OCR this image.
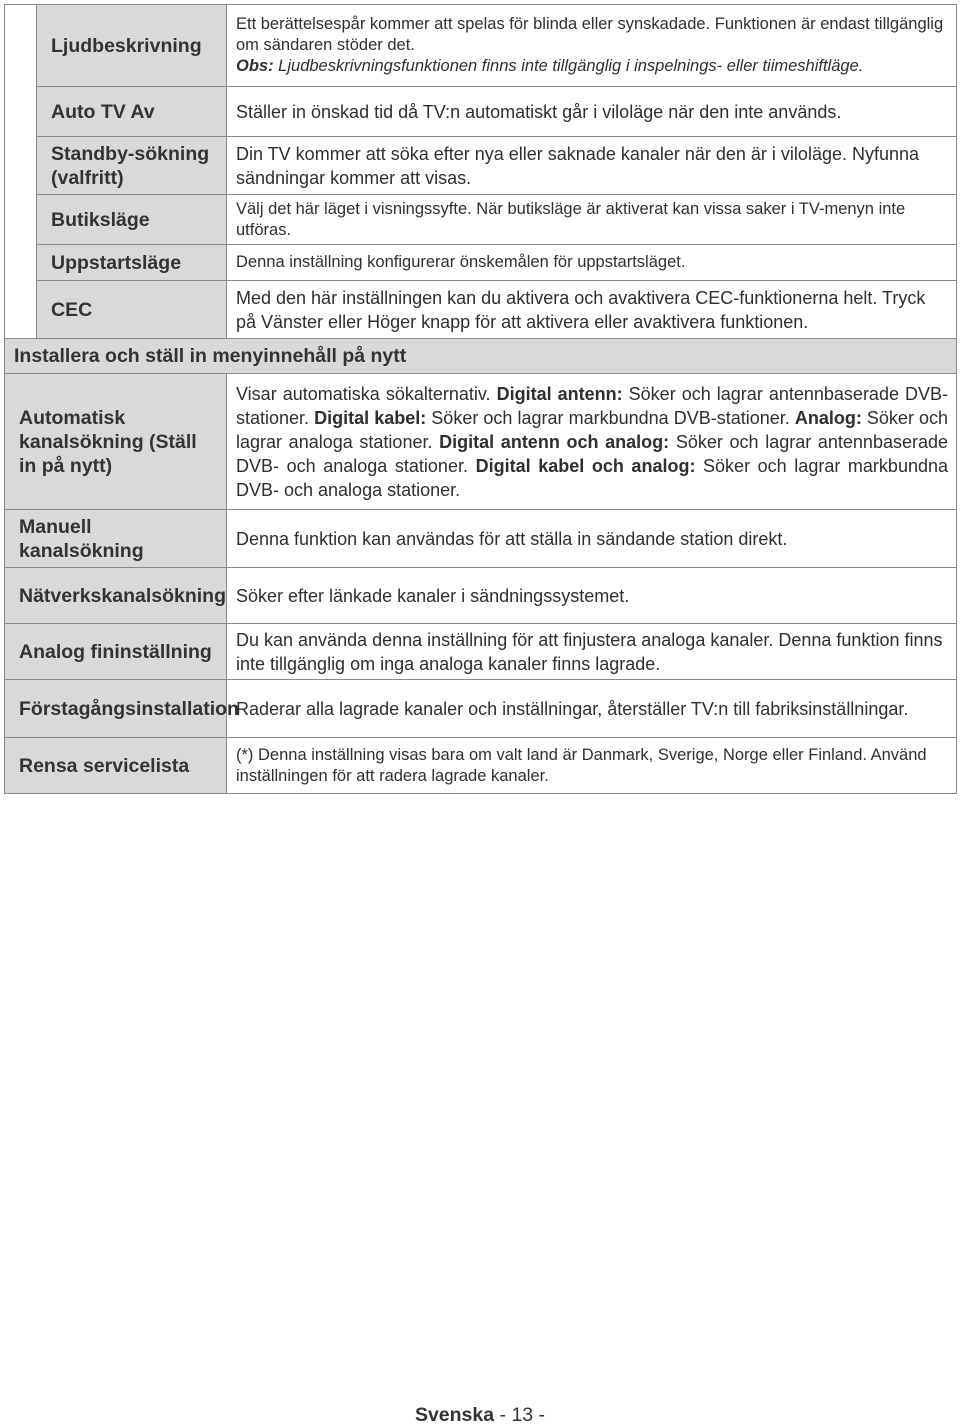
	Ljudbeskrivning	Ett berättelsespår kommer att spelas för blinda eller synskadade. Funktionen är endast tillgänglig om sändaren stöder det.
Obs: Ljudbeskrivningsfunktionen finns inte tillgänglig i inspelnings- eller tiimeshiftläge.
	Auto TV Av	Ställer in önskad tid då TV:n automatiskt går i viloläge när den inte används.
	Standby-sökning (valfritt)	Din TV kommer att söka efter nya eller saknade kanaler när den är i viloläge. Nyfunna sändningar kommer att visas.
	Butiksläge	Välj det här läget i visningssyfte. När butiksläge är aktiverat kan vissa saker i TV-menyn inte utföras.
	Uppstartsläge	Denna inställning konfigurerar önskemålen för uppstartsläget.
	CEC	Med den här inställningen kan du aktivera och avaktivera CEC-funktionerna helt. Tryck på Vänster eller Höger knapp för att aktivera eller avaktivera funktionen.
Installera och ställ in menyinnehåll på nytt		
Automatisk kanalsökning (Ställ in på nytt)		Visar automatiska sökalternativ. Digital antenn: Söker och lagrar antennbaserade DVB-stationer. Digital kabel: Söker och lagrar markbundna DVB-stationer. Analog: Söker och lagrar analoga stationer. Digital antenn och analog: Söker och lagrar antennbaserade DVB- och analoga stationer. Digital kabel och analog: Söker och lagrar markbundna DVB- och analoga stationer.
Manuell kanalsökning		Denna funktion kan användas för att ställa in sändande station direkt.
Nätverkskanalsökning		Söker efter länkade kanaler i sändningssystemet.
Analog fininställning		Du kan använda denna inställning för att finjustera analoga kanaler. Denna funktion finns inte tillgänglig om inga analoga kanaler finns lagrade.
Förstagångsinstallation		Raderar alla lagrade kanaler och inställningar, återställer TV:n till fabriksinställningar.
Rensa servicelista		(*) Denna inställning visas bara om valt land är Danmark, Sverige, Norge eller Finland. Använd inställningen för att radera lagrade kanaler.
Svenska - 13 -
